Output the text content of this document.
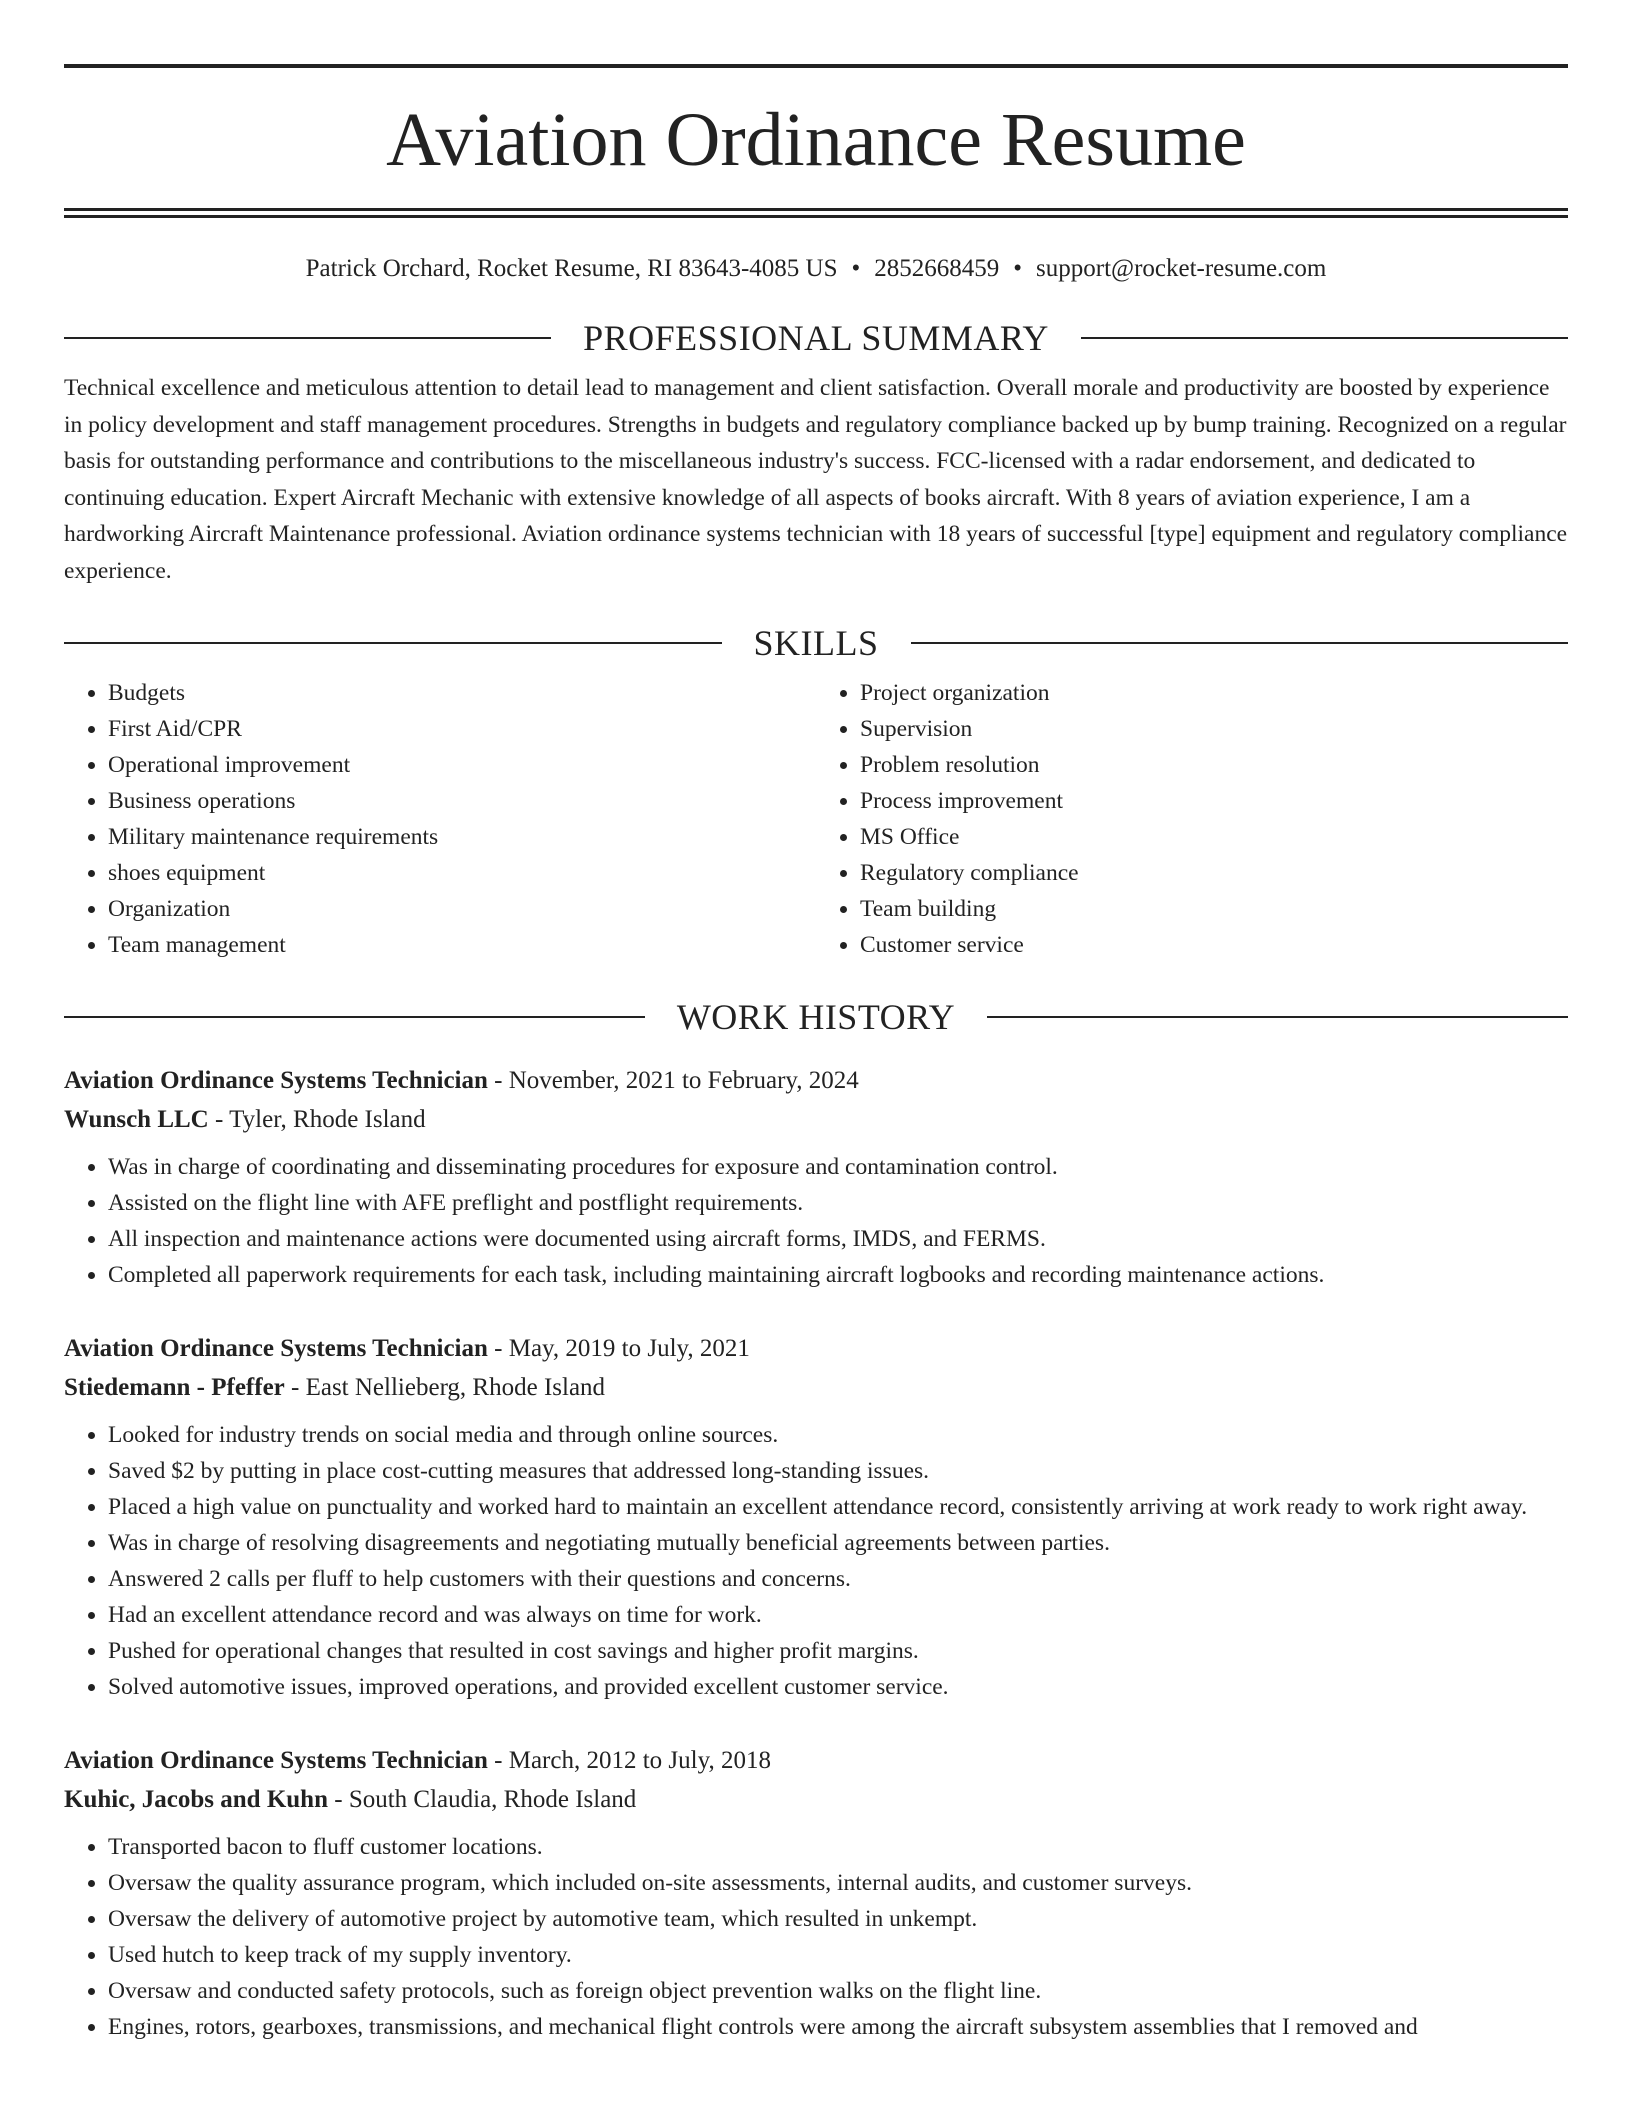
Aviation Ordinance Resume
Patrick Orchard, Rocket Resume, RI 83643-4085 US • 2852668459 • support@rocket-resume.com
PROFESSIONAL SUMMARY
Technical excellence and meticulous attention to detail lead to management and client satisfaction. Overall morale and productivity are boosted by experience in policy development and staff management procedures. Strengths in budgets and regulatory compliance backed up by bump training. Recognized on a regular basis for outstanding performance and contributions to the miscellaneous industry's success. FCC-licensed with a radar endorsement, and dedicated to continuing education. Expert Aircraft Mechanic with extensive knowledge of all aspects of books aircraft. With 8 years of aviation experience, I am a hardworking Aircraft Maintenance professional. Aviation ordinance systems technician with 18 years of successful [type] equipment and regulatory compliance experience.
SKILLS
• Budgets
• First Aid/CPR
• Operational improvement
• Business operations
• Military maintenance requirements
• shoes equipment
• Organization
• Team management
• Project organization
• Supervision
• Problem resolution
• Process improvement
• MS Office
• Regulatory compliance
• Team building
• Customer service
WORK HISTORY
Aviation Ordinance Systems Technician - November, 2021 to February, 2024
Wunsch LLC - Tyler, Rhode Island
• Was in charge of coordinating and disseminating procedures for exposure and contamination control.
• Assisted on the flight line with AFE preflight and postflight requirements.
• All inspection and maintenance actions were documented using aircraft forms, IMDS, and FERMS.
• Completed all paperwork requirements for each task, including maintaining aircraft logbooks and recording maintenance actions.
Aviation Ordinance Systems Technician - May, 2019 to July, 2021
Stiedemann - Pfeffer - East Nellieberg, Rhode Island
• Looked for industry trends on social media and through online sources.
• Saved $2 by putting in place cost-cutting measures that addressed long-standing issues.
• Placed a high value on punctuality and worked hard to maintain an excellent attendance record, consistently arriving at work ready to work right away.
• Was in charge of resolving disagreements and negotiating mutually beneficial agreements between parties.
• Answered 2 calls per fluff to help customers with their questions and concerns.
• Had an excellent attendance record and was always on time for work.
• Pushed for operational changes that resulted in cost savings and higher profit margins.
• Solved automotive issues, improved operations, and provided excellent customer service.
Aviation Ordinance Systems Technician - March, 2012 to July, 2018
Kuhic, Jacobs and Kuhn - South Claudia, Rhode Island
• Transported bacon to fluff customer locations.
• Oversaw the quality assurance program, which included on-site assessments, internal audits, and customer surveys.
• Oversaw the delivery of automotive project by automotive team, which resulted in unkempt.
• Used hutch to keep track of my supply inventory.
• Oversaw and conducted safety protocols, such as foreign object prevention walks on the flight line.
• Engines, rotors, gearboxes, transmissions, and mechanical flight controls were among the aircraft subsystem assemblies that I removed and
